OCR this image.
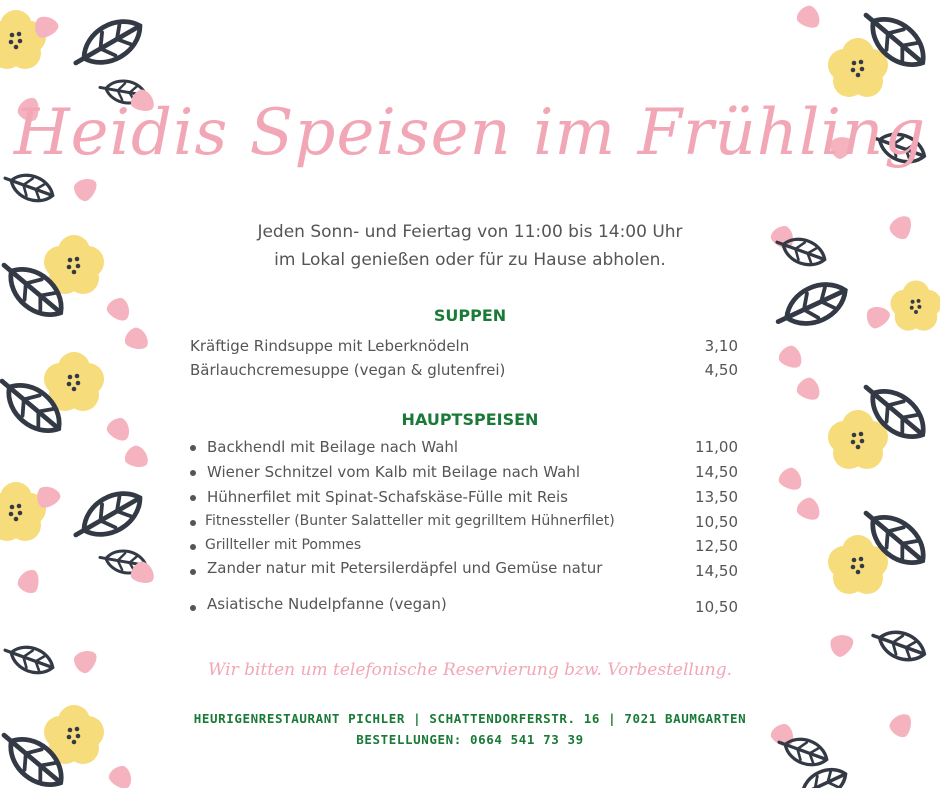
Heidis Speisen im Frühling
Jeden Sonn- und Feiertag von 11:00 bis 14:00 Uhr
im Lokal genießen oder für zu Hause abholen.
SUPPEN
Kräftige Rindsuppe mit Leberknödeln	3,10
Bärlauchcremesuppe (vegan & glutenfrei)	4,50
HAUPTSPEISEN
Backhendl mit Beilage nach Wahl	11,00
Wiener Schnitzel vom Kalb mit Beilage nach Wahl	14,50
Hühnerfilet mit Spinat-Schafskäse-Fülle mit Reis	13,50
Fitnessteller (Bunter Salatteller mit gegrilltem Hühnerfilet)	10,50
Grillteller mit Pommes	12,50
Zander natur mit Petersilerdäpfel und Gemüse natur	14,50
Asiatische Nudelpfanne (vegan)	10,50
Wir bitten um telefonische Reservierung bzw. Vorbestellung.
HEURIGENRESTAURANT PICHLER | SCHATTENDORFERSTR. 16 | 7021 BAUMGARTEN
BESTELLUNGEN: 0664 541 73 39
